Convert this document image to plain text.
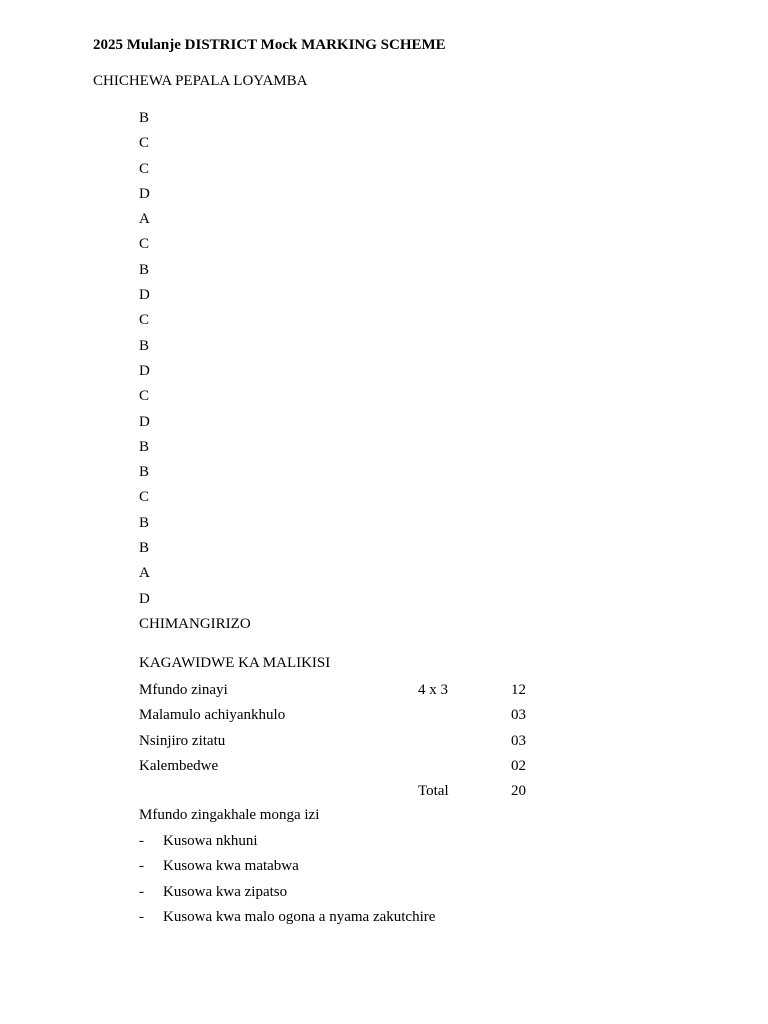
2025 Mulanje DISTRICT Mock MARKING SCHEME
CHICHEWA PEPALA LOYAMBA
B
C
C
D
A
C
B
D
C
B
D
C
D
B
B
C
B
B
A
D
CHIMANGIRIZO
KAGAWIDWE KA MALIKISI
Mfundo zinayi	4 x 3	12
Malamulo achiyankhulo	03
Nsinjiro zitatu	03
Kalembedwe	02
Total	20
Mfundo zingakhale monga izi
- Kusowa nkhuni
- Kusowa kwa matabwa
- Kusowa kwa zipatso
- Kusowa kwa malo ogona a nyama zakutchire
